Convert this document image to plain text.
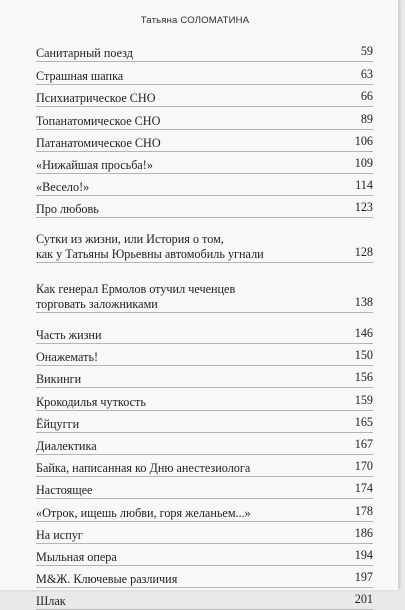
Татьяна СОЛОМАТИНА
Санитарный поезд	59
Страшная шапка	63
Психиатрическое СНО	66
Топанатомическое СНО	89
Патанатомическое СНО	106
«Нижайшая просьба!»	109
«Весело!»	114
Про любовь	123
Сутки из жизни, или История о том,
как у Татьяны Юрьевны автомобиль угнали	128
Как генерал Ермолов отучил чеченцев
торговать заложниками	138
Часть жизни	146
Онажемать!	150
Викинги	156
Крокодилья чуткость	159
Ёйцугги	165
Диалектика	167
Байка, написанная ко Дню анестезиолога	170
Настоящее	174
«Отрок, ищешь любви, горя желаньем...»	178
На испуг	186
Мыльная опера	194
М&Ж. Ключевые различия	197
Шлак	201
